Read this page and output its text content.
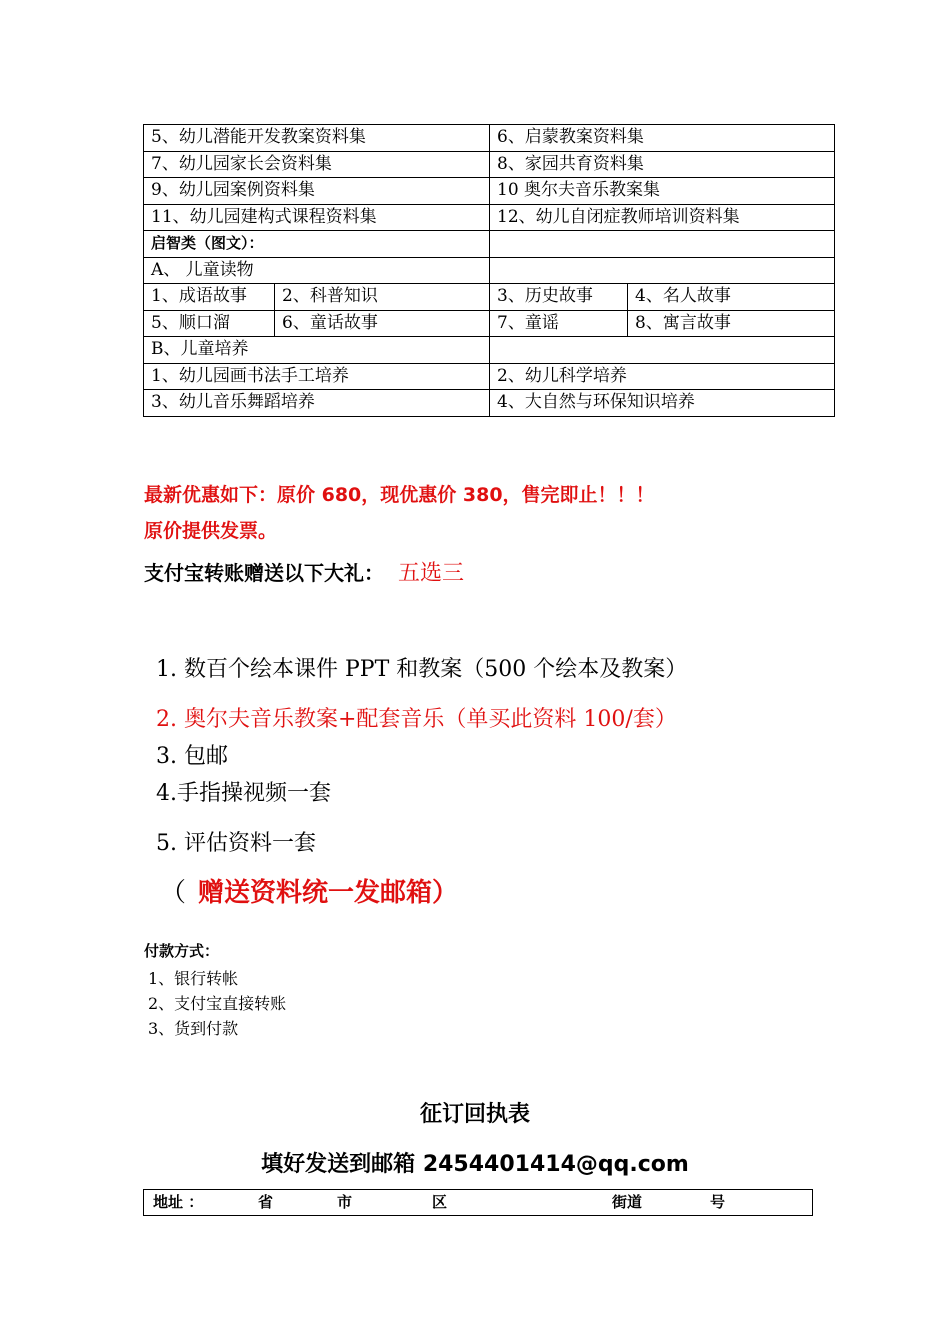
5、幼儿潜能开发教案资料集		6、启蒙教案资料集	
7、幼儿园家长会资料集		8、家园共育资料集	
9、幼儿园案例资料集		10 奥尔夫音乐教案集	
11、幼儿园建构式课程资料集		12、幼儿自闭症教师培训资料集	
启智类（图文）：			
A、 儿童读物			
1、成语故事	2、科普知识	3、历史故事	4、名人故事
5、顺口溜	6、童话故事	7、童谣	8、寓言故事
B、儿童培养			
1、幼儿园画书法手工培养		2、幼儿科学培养	
3、幼儿音乐舞蹈培养		4、大自然与环保知识培养	
最新优惠如下：原价 680，现优惠价 380，售完即止！！！
原价提供发票。
支付宝转账赠送以下大礼： 五选三
1. 数百个绘本课件 PPT 和教案（500 个绘本及教案）
2. 奥尔夫音乐教案+配套音乐（单买此资料 100/套）
3. 包邮
4.手指操视频一套
5. 评估资料一套
（ 赠送资料统一发邮箱）
付款方式：
1、银行转帐
2、支付宝直接转账
3、货到付款
征订回执表
填好发送到邮箱 2454401414@qq.com
地址 ：	省	市	区	街道	号
